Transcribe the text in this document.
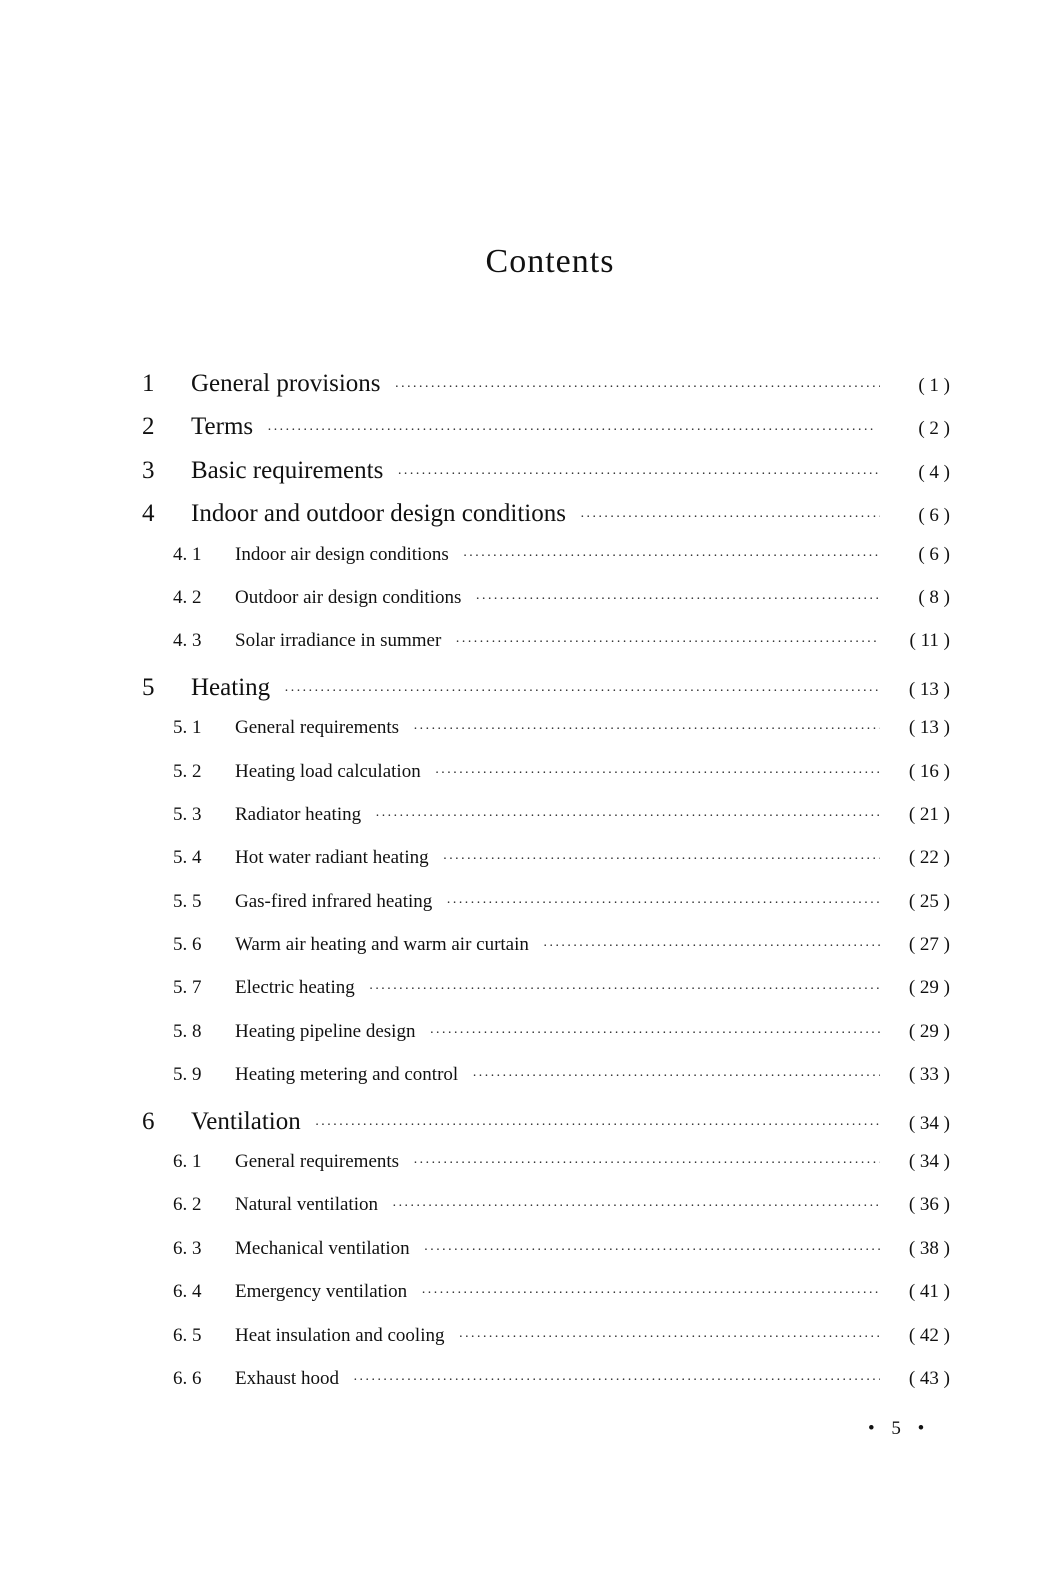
Contents
1	General provisions ·····	( 1 )
2	Terms ·····	( 2 )
3	Basic requirements ·····	( 4 )
4	Indoor and outdoor design conditions ·····	( 6 )
4. 1	Indoor air design conditions ·····	( 6 )
4. 2	Outdoor air design conditions ·····	( 8 )
4. 3	Solar irradiance in summer ·····	( 11 )
5	Heating ·····	( 13 )
5. 1	General requirements ·····	( 13 )
5. 2	Heating load calculation ·····	( 16 )
5. 3	Radiator heating ·····	( 21 )
5. 4	Hot water radiant heating ·····	( 22 )
5. 5	Gas-fired infrared heating ·····	( 25 )
5. 6	Warm air heating and warm air curtain ·····	( 27 )
5. 7	Electric heating ·····	( 29 )
5. 8	Heating pipeline design ·····	( 29 )
5. 9	Heating metering and control ·····	( 33 )
6	Ventilation ·····	( 34 )
6. 1	General requirements ·····	( 34 )
6. 2	Natural ventilation ·····	( 36 )
6. 3	Mechanical ventilation ·····	( 38 )
6. 4	Emergency ventilation ·····	( 41 )
6. 5	Heat insulation and cooling ·····	( 42 )
6. 6	Exhaust hood ·····	( 43 )
• 5 •
